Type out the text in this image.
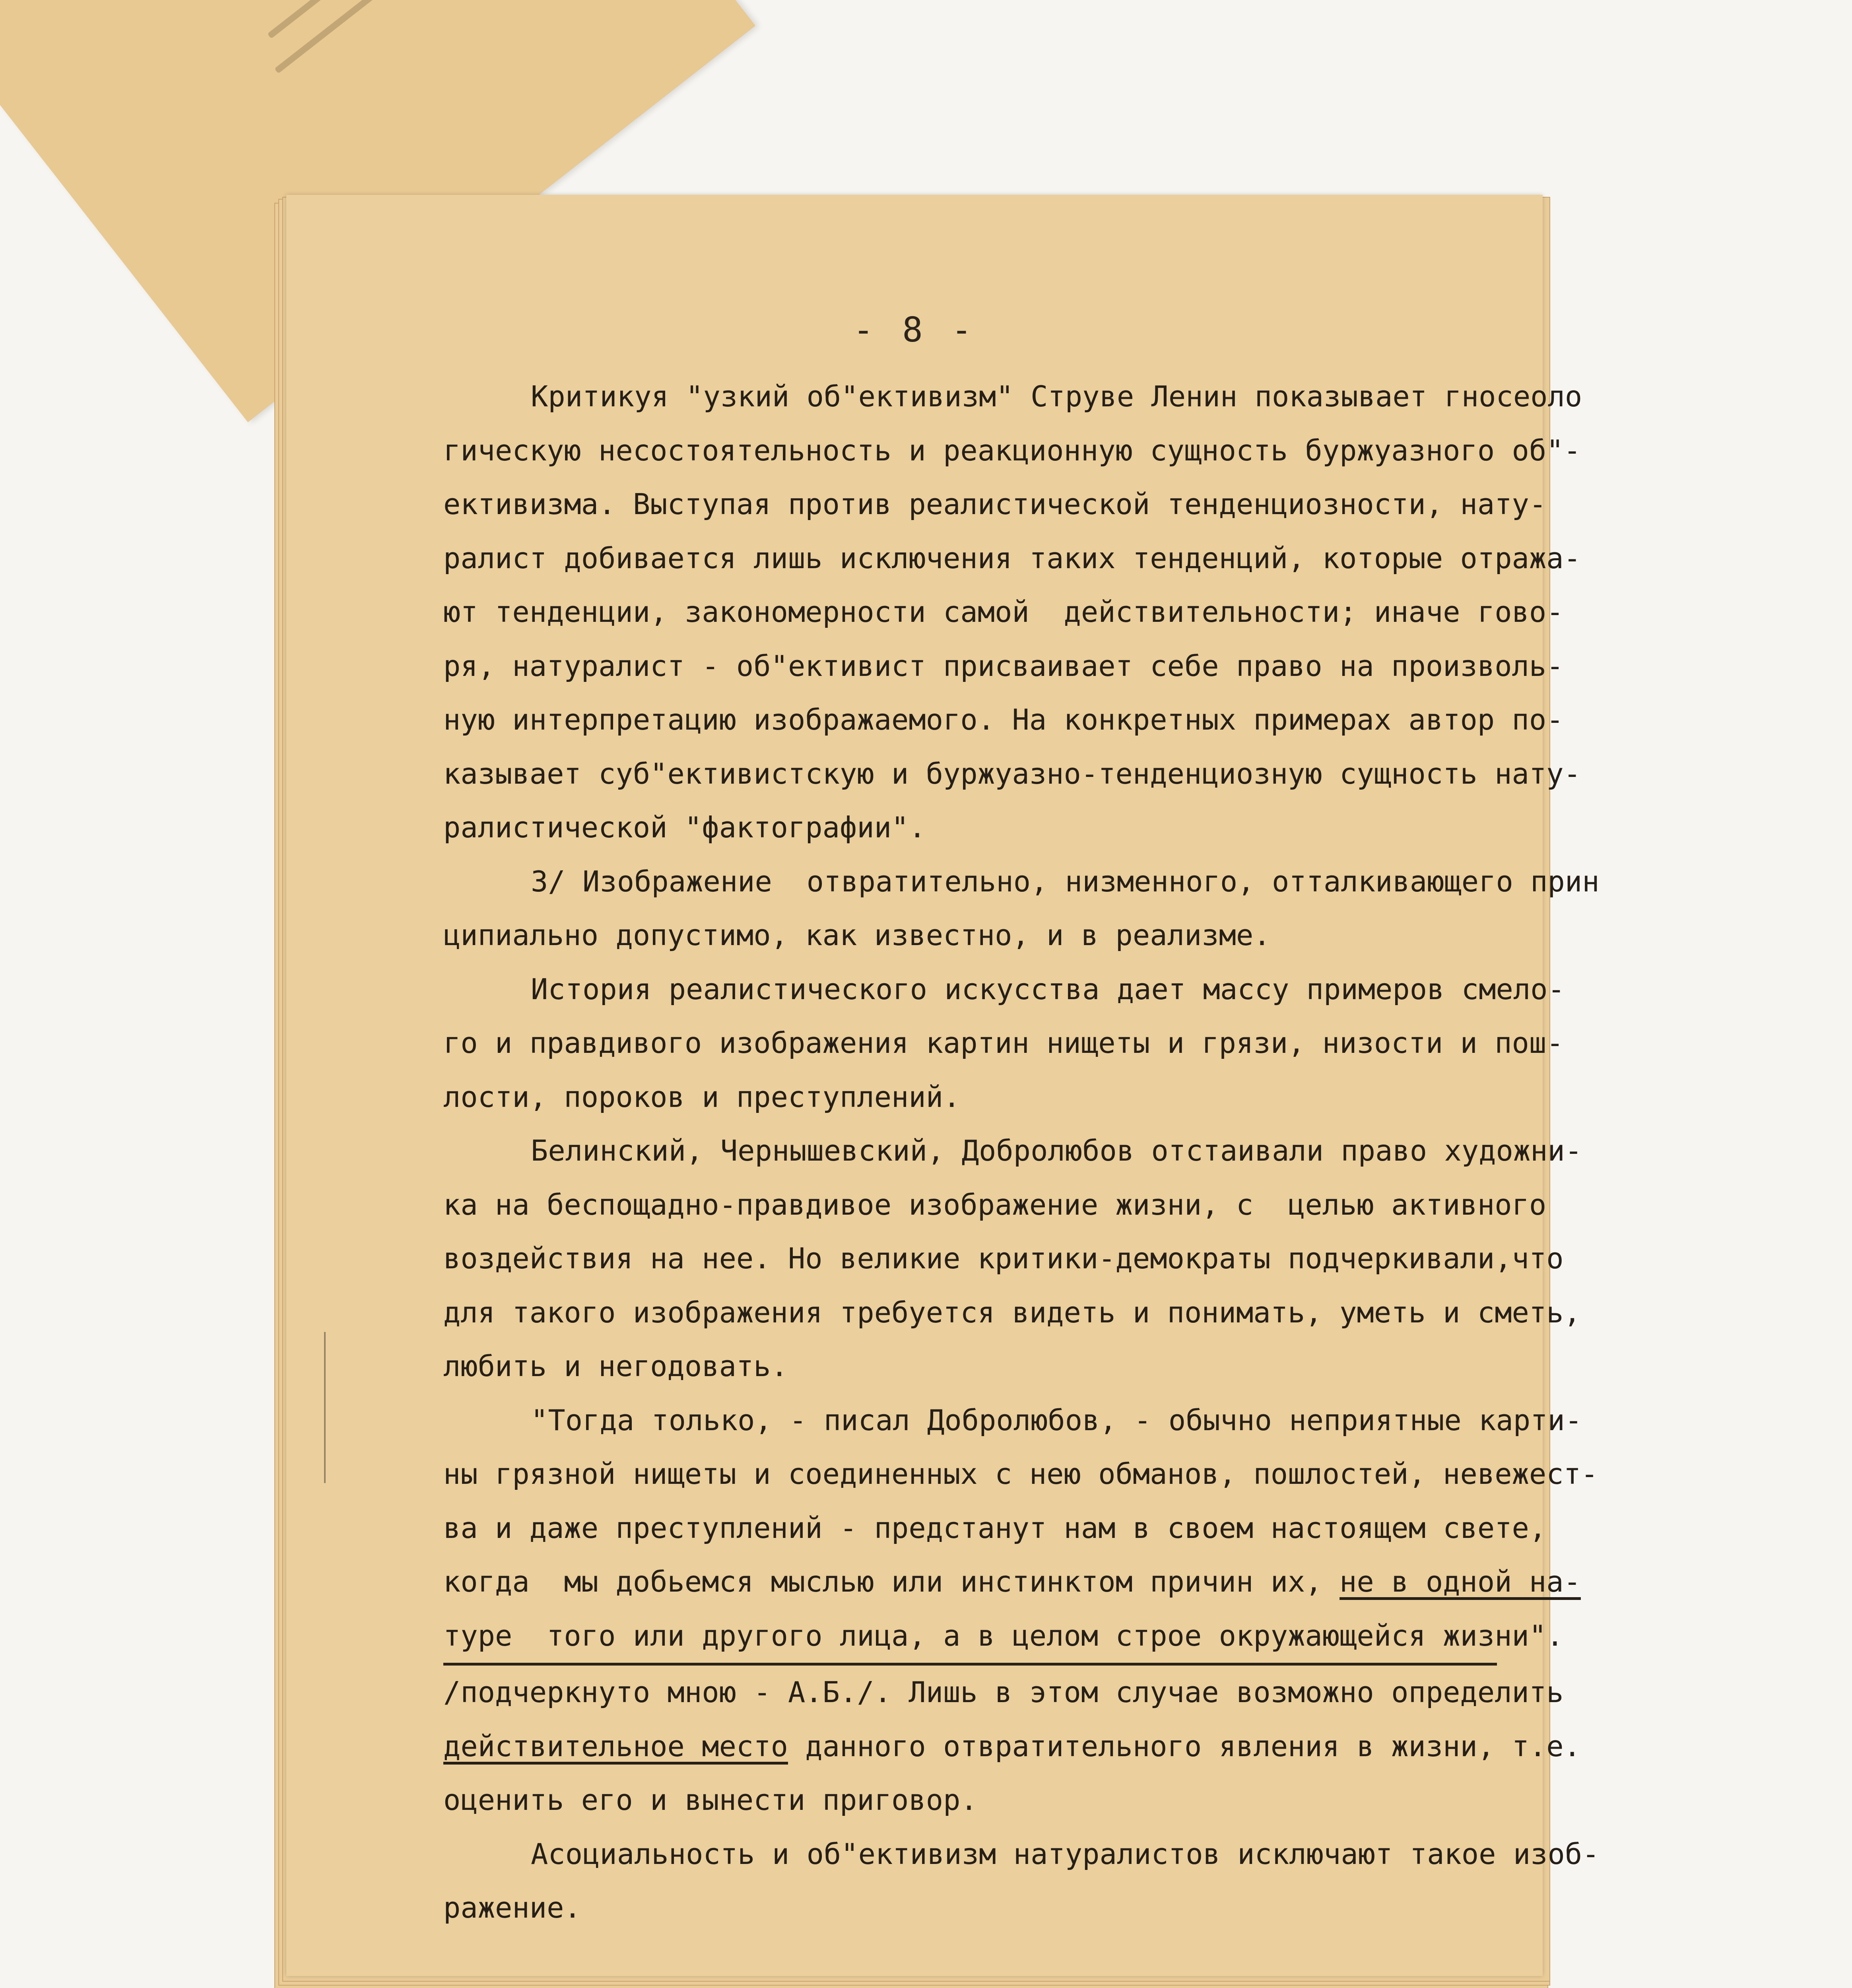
- 8 -

Критикуя "узкий об"ективизм" Струве Ленин показывает гносеоло
гическую несостоятельность и реакционную сущность буржуазного об"-
ективизма. Выступая против реалистической тенденциозности, нату-
ралист добивается лишь исключения таких тенденций, которые отража-
ют тенденции, закономерности самой  действительности; иначе гово-
ря, натуралист - об"ективист присваивает себе право на произволь-
ную интерпретацию изображаемого. На конкретных примерах автор по-
казывает суб"ективистскую и буржуазно-тенденциозную сущность нату-
ралистической "фактографии".

3/ Изображение  отвратительно, низменного, отталкивающего прин
ципиально допустимо, как известно, и в реализме.

История реалистического искусства дает массу примеров смело-
го и правдивого изображения картин нищеты и грязи, низости и пош-
лости, пороков и преступлений.

Белинский, Чернышевский, Добролюбов отстаивали право художни-
ка на беспощадно-правдивое изображение жизни, с  целью активного
воздействия на нее. Но великие критики-демократы подчеркивали,что
для такого изображения требуется видеть и понимать, уметь и сметь,
любить и негодовать.

"Тогда только, - писал Добролюбов, - обычно неприятные карти-
ны грязной нищеты и соединенных с нею обманов, пошлостей, невежест-
ва и даже преступлений - предстанут нам в своем настоящем свете,
когда  мы добьемся мыслью или инстинктом причин их, не в одной на-
туре  того или другого лица, а в целом строе окружающейся жизни".

/подчеркнуто мною - А.Б./. Лишь в этом случае возможно определить
действительное место данного отвратительного явления в жизни, т.е.
оценить его и вынести приговор.

Асоциальность и об"ективизм натуралистов исключают такое изоб-
ражение.
